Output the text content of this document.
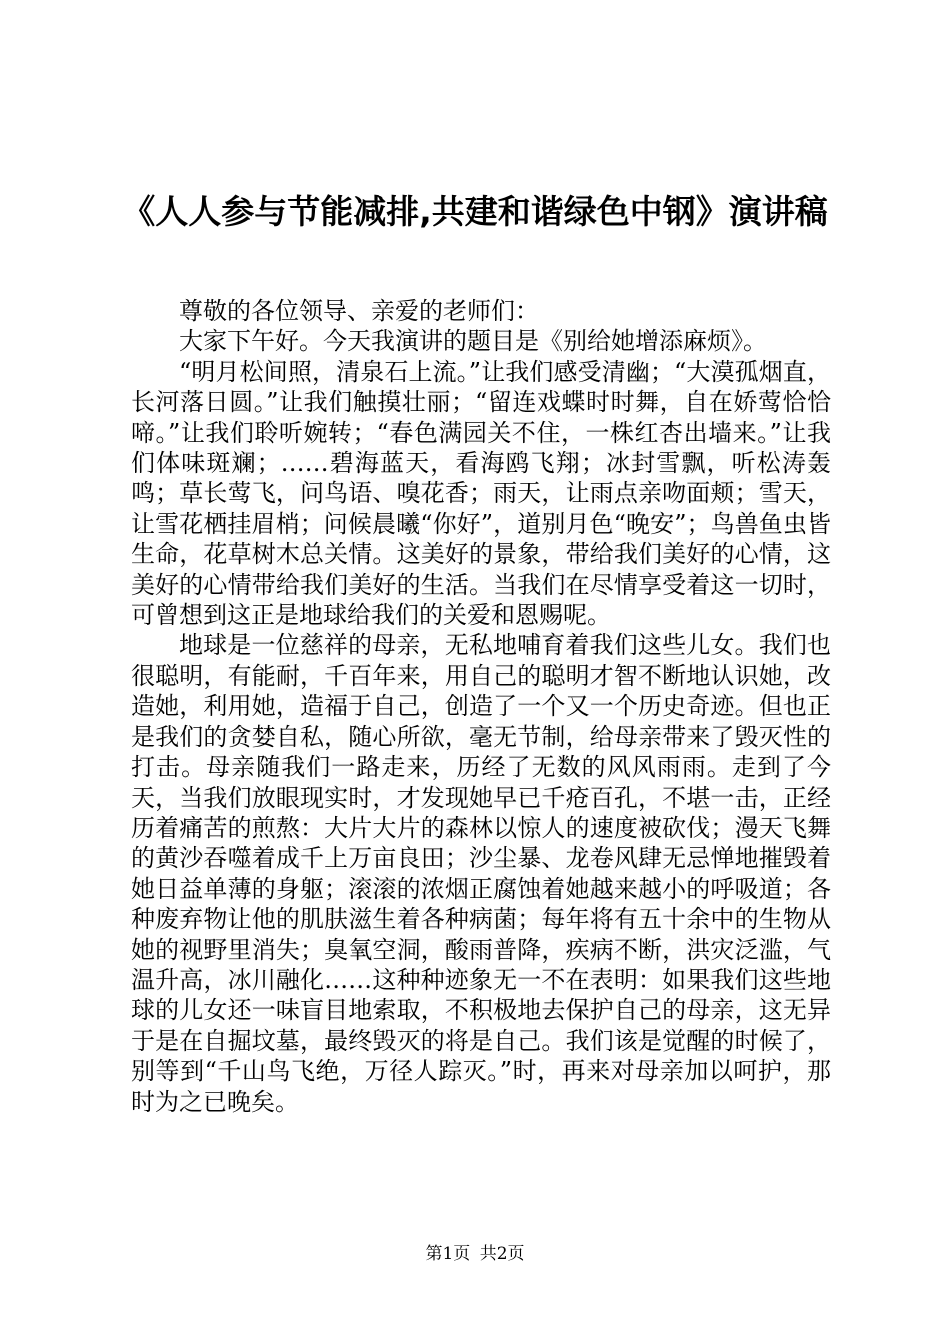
《人人参与节能减排,共建和谐绿色中钢》演讲稿

尊敬的各位领导、亲爱的老师们：

大家下午好。今天我演讲的题目是《别给她增添麻烦》。

“明月松间照，清泉石上流。”让我们感受清幽；“大漠孤烟直，长河落日圆。”让我们触摸壮丽；“留连戏蝶时时舞，自在娇莺恰恰啼。”让我们聆听婉转；“春色满园关不住，一株红杏出墙来。”让我们体味斑斓；……碧海蓝天，看海鸥飞翔；冰封雪飘，听松涛轰鸣；草长莺飞，问鸟语、嗅花香；雨天，让雨点亲吻面颊；雪天，让雪花栖挂眉梢；问候晨曦“你好”，道别月色“晚安”；鸟兽鱼虫皆生命，花草树木总关情。这美好的景象，带给我们美好的心情，这美好的心情带给我们美好的生活。当我们在尽情享受着这一切时，可曾想到这正是地球给我们的关爱和恩赐呢。

地球是一位慈祥的母亲，无私地哺育着我们这些儿女。我们也很聪明，有能耐，千百年来，用自己的聪明才智不断地认识她，改造她，利用她，造福于自己，创造了一个又一个历史奇迹。但也正是我们的贪婪自私，随心所欲，毫无节制，给母亲带来了毁灭性的打击。母亲随我们一路走来，历经了无数的风风雨雨。走到了今天，当我们放眼现实时，才发现她早已千疮百孔，不堪一击，正经历着痛苦的煎熬：大片大片的森林以惊人的速度被砍伐；漫天飞舞的黄沙吞噬着成千上万亩良田；沙尘暴、龙卷风肆无忌惮地摧毁着她日益单薄的身躯；滚滚的浓烟正腐蚀着她越来越小的呼吸道；各种废弃物让他的肌肤滋生着各种病菌；每年将有五十余中的生物从她的视野里消失；臭氧空洞，酸雨普降，疾病不断，洪灾泛滥，气温升高，冰川融化……这种种迹象无一不在表明：如果我们这些地球的儿女还一味盲目地索取，不积极地去保护自己的母亲，这无异于是在自掘坟墓，最终毁灭的将是自己。我们该是觉醒的时候了，别等到“千山鸟飞绝，万径人踪灭。”时，再来对母亲加以呵护，那时为之已晚矣。

第1页 共2页
